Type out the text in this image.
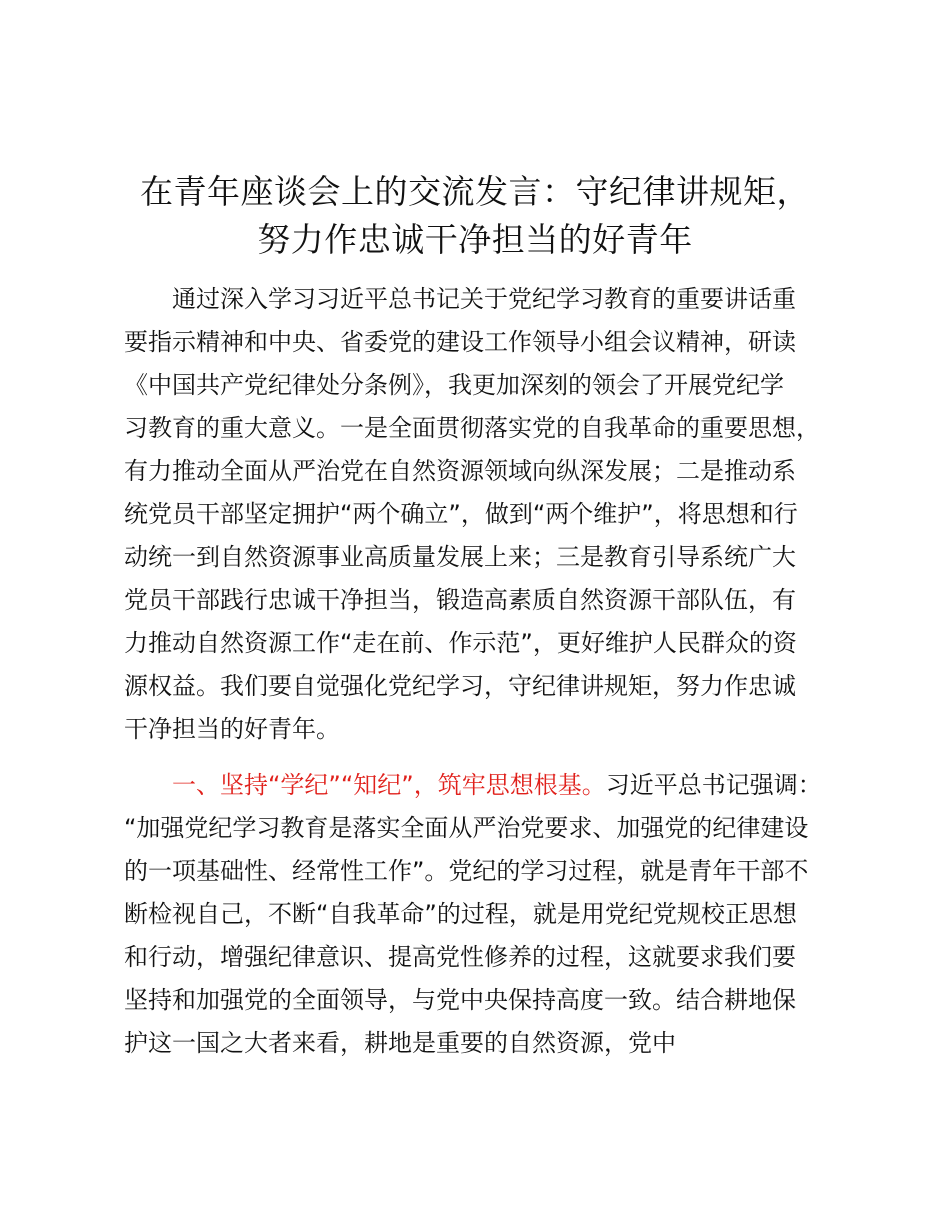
在青年座谈会上的交流发言：守纪律讲规矩，
努力作忠诚干净担当的好青年
通过深入学习习近平总书记关于党纪学习教育的重要讲话重
要指示精神和中央、省委党的建设工作领导小组会议精神，研读
《中国共产党纪律处分条例》，我更加深刻的领会了开展党纪学
习教育的重大意义。一是全面贯彻落实党的自我革命的重要思想，
有力推动全面从严治党在自然资源领域向纵深发展；二是推动系
统党员干部坚定拥护“两个确立”，做到“两个维护”，将思想和行
动统一到自然资源事业高质量发展上来；三是教育引导系统广大
党员干部践行忠诚干净担当，锻造高素质自然资源干部队伍，有
力推动自然资源工作“走在前、作示范”，更好维护人民群众的资
源权益。我们要自觉强化党纪学习，守纪律讲规矩，努力作忠诚
干净担当的好青年。
一、坚持“学纪”“知纪”，筑牢思想根基。习近平总书记强调：
“加强党纪学习教育是落实全面从严治党要求、加强党的纪律建设
的一项基础性、经常性工作”。党纪的学习过程，就是青年干部不
断检视自己，不断“自我革命”的过程，就是用党纪党规校正思想
和行动，增强纪律意识、提高党性修养的过程，这就要求我们要
坚持和加强党的全面领导，与党中央保持高度一致。结合耕地保
护这一国之大者来看，耕地是重要的自然资源，党中
